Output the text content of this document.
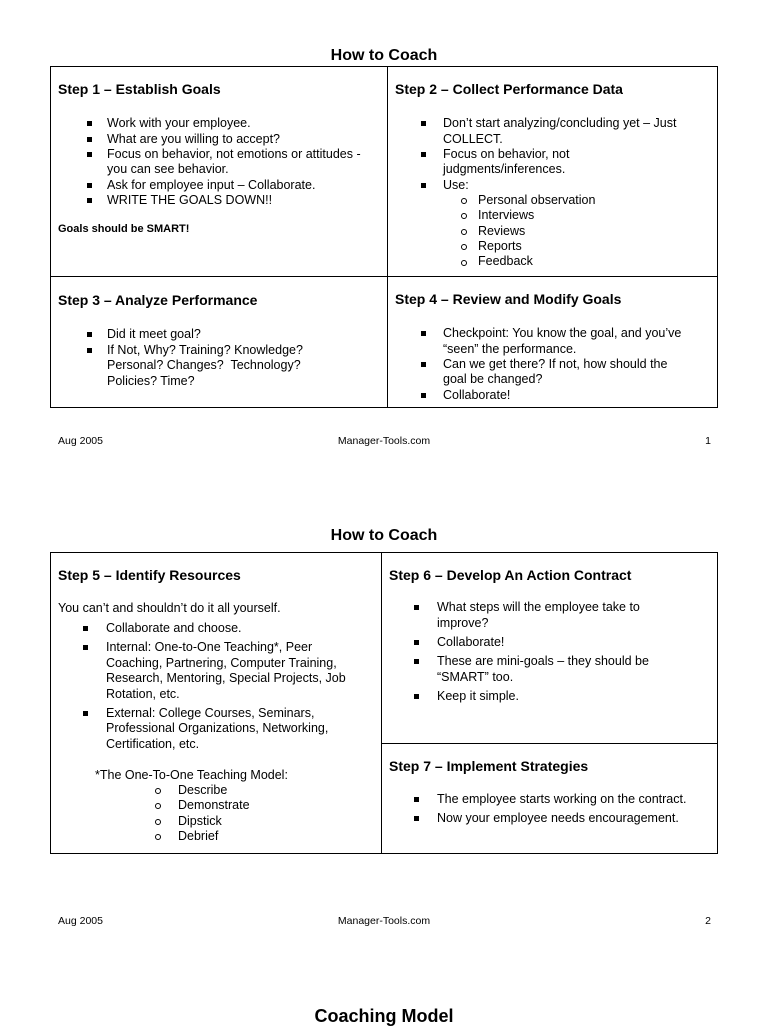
How to Coach
Step 1 – Establish Goals
Work with your employee.
What are you willing to accept?
Focus on behavior, not emotions or attitudes -
you can see behavior.
Ask for employee input – Collaborate.
WRITE THE GOALS DOWN!!
Goals should be SMART!
Step 2 – Collect Performance Data
Don’t start analyzing/concluding yet – Just
COLLECT.
Focus on behavior, not
judgments/inferences.
Use:
Personal observation
Interviews
Reviews
Reports
Feedback
Step 3 – Analyze Performance
Did it meet goal?
If Not, Why? Training? Knowledge?
Personal? Changes?  Technology?
Policies? Time?
Step 4 – Review and Modify Goals
Checkpoint: You know the goal, and you’ve
“seen” the performance.
Can we get there? If not, how should the
goal be changed?
Collaborate!
Aug 2005	Manager-Tools.com	1
How to Coach
Step 5 – Identify Resources
You can’t and shouldn’t do it all yourself.
Collaborate and choose.
Internal: One-to-One Teaching*, Peer
Coaching, Partnering, Computer Training,
Research, Mentoring, Special Projects, Job
Rotation, etc.
External: College Courses, Seminars,
Professional Organizations, Networking,
Certification, etc.
*The One-To-One Teaching Model:
Describe
Demonstrate
Dipstick
Debrief
Step 6 – Develop An Action Contract
What steps will the employee take to
improve?
Collaborate!
These are mini-goals – they should be
“SMART” too.
Keep it simple.
Step 7 – Implement Strategies
The employee starts working on the contract.
Now your employee needs encouragement.
Aug 2005	Manager-Tools.com	2
Coaching Model
